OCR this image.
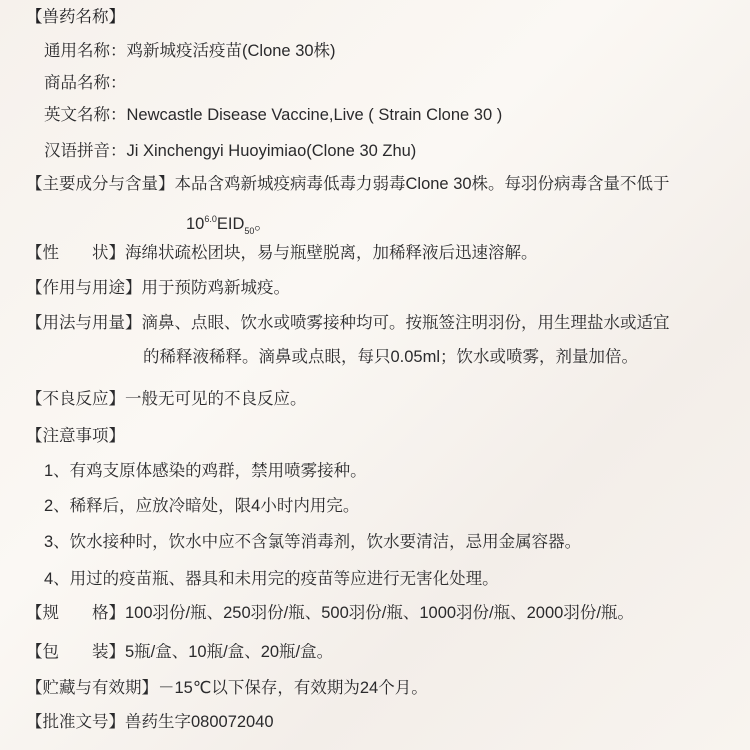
【兽药名称】
通用名称：鸡新城疫活疫苗(Clone 30株)
商品名称：
英文名称：Newcastle Disease Vaccine,Live ( Strain Clone 30 )
汉语拼音：Ji Xinchengyi Huoyimiao(Clone 30 Zhu)
【主要成分与含量】本品含鸡新城疫病毒低毒力弱毒Clone 30株。每羽份病毒含量不低于
$10^{6.0}EID_{50}$。
【性　　状】海绵状疏松团块，易与瓶壁脱离，加稀释液后迅速溶解。
【作用与用途】用于预防鸡新城疫。
【用法与用量】滴鼻、点眼、饮水或喷雾接种均可。按瓶签注明羽份，用生理盐水或适宜
的稀释液稀释。滴鼻或点眼，每只0.05ml；饮水或喷雾，剂量加倍。
【不良反应】一般无可见的不良反应。
【注意事项】
1、有鸡支原体感染的鸡群，禁用喷雾接种。
2、稀释后，应放冷暗处，限4小时内用完。
3、饮水接种时，饮水中应不含氯等消毒剂，饮水要清洁，忌用金属容器。
4、用过的疫苗瓶、器具和未用完的疫苗等应进行无害化处理。
【规　　格】100羽份/瓶、250羽份/瓶、500羽份/瓶、1000羽份/瓶、2000羽份/瓶。
【包　　装】5瓶/盒、10瓶/盒、20瓶/盒。
【贮藏与有效期】－15℃以下保存，有效期为24个月。
【批准文号】兽药生字080072040
